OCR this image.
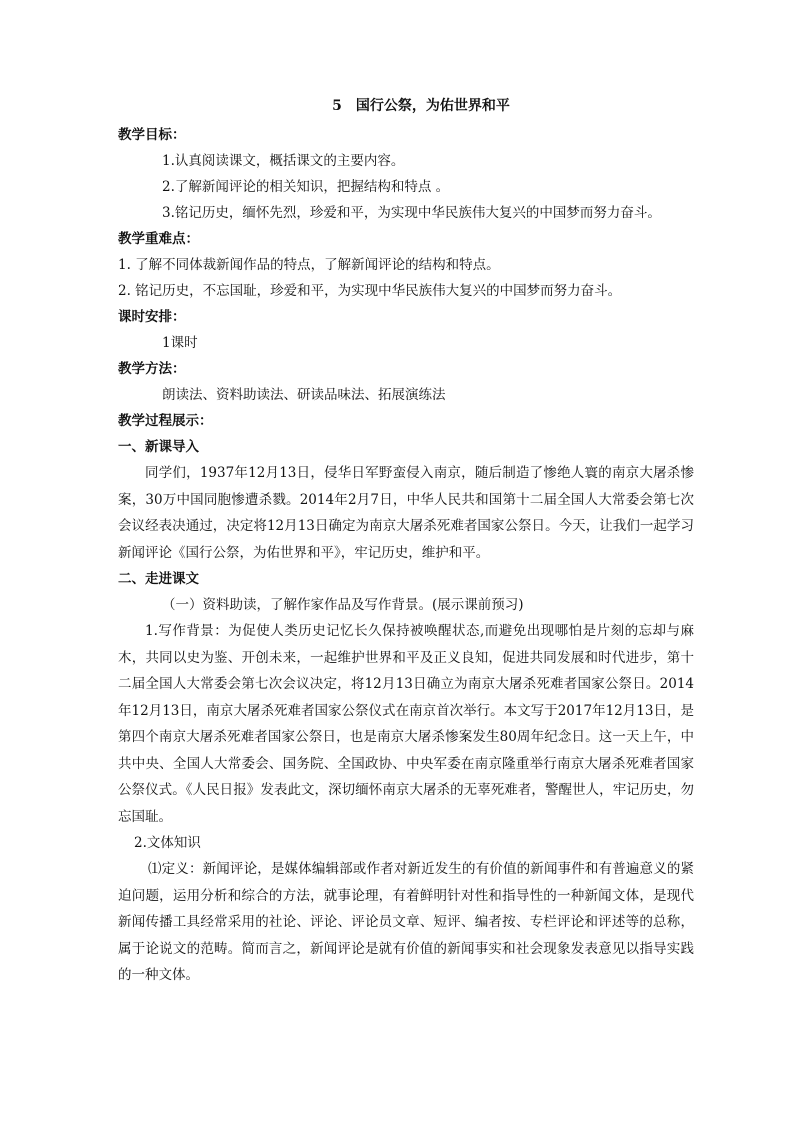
5　国行公祭，为佑世界和平

教学目标：

1.认真阅读课文，概括课文的主要内容。

2.了解新闻评论的相关知识，把握结构和特点 。

3.铭记历史，缅怀先烈，珍爱和平，为实现中华民族伟大复兴的中国梦而努力奋斗。

教学重难点：

1. 了解不同体裁新闻作品的特点，了解新闻评论的结构和特点。

2. 铭记历史，不忘国耻，珍爱和平，为实现中华民族伟大复兴的中国梦而努力奋斗。

课时安排：

1课时

教学方法：

朗读法、资料助读法、研读品味法、拓展演练法

教学过程展示：

一、新课导入

同学们，1937年12月13日，侵华日军野蛮侵入南京，随后制造了惨绝人寰的南京大屠杀惨案，30万中国同胞惨遭杀戮。2014年2月7日，中华人民共和国第十二届全国人大常委会第七次会议经表决通过，决定将12月13日确定为南京大屠杀死难者国家公祭日。今天，让我们一起学习新闻评论《国行公祭，为佑世界和平》，牢记历史，维护和平。

二、走进课文

（一）资料助读，了解作家作品及写作背景。(展示课前预习)

1.写作背景：为促使人类历史记忆长久保持被唤醒状态,而避免出现哪怕是片刻的忘却与麻木，共同以史为鉴、开创未来，一起维护世界和平及正义良知，促进共同发展和时代进步，第十二届全国人大常委会第七次会议决定，将12月13日确立为南京大屠杀死难者国家公祭日。2014年12月13日，南京大屠杀死难者国家公祭仪式在南京首次举行。本文写于2017年12月13日，是第四个南京大屠杀死难者国家公祭日，也是南京大屠杀惨案发生80周年纪念日。这一天上午，中共中央、全国人大常委会、国务院、全国政协、中央军委在南京隆重举行南京大屠杀死难者国家公祭仪式。《人民日报》发表此文，深切缅怀南京大屠杀的无辜死难者，警醒世人，牢记历史，勿忘国耻。

2.文体知识

⑴定义：新闻评论，是媒体编辑部或作者对新近发生的有价值的新闻事件和有普遍意义的紧迫问题，运用分析和综合的方法，就事论理，有着鲜明针对性和指导性的一种新闻文体，是现代新闻传播工具经常采用的社论、评论、评论员文章、短评、编者按、专栏评论和评述等的总称，属于论说文的范畴。简而言之，新闻评论是就有价值的新闻事实和社会现象发表意见以指导实践的一种文体。
